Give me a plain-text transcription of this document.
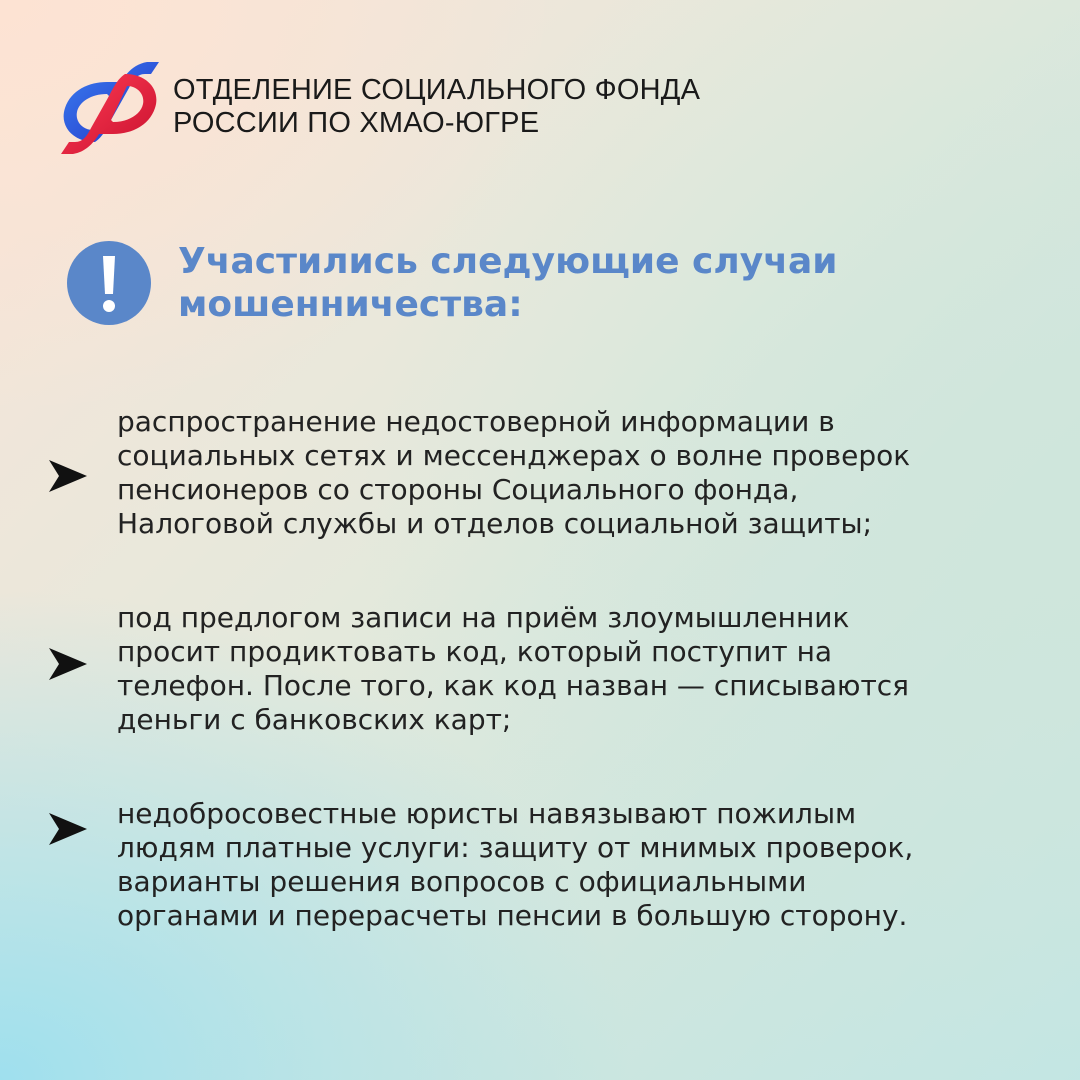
ОТДЕЛЕНИЕ СОЦИАЛЬНОГО ФОНДА
РОССИИ ПО ХМАО-ЮГРЕ
Участились следующие случаи
мошенничества:
распространение недостоверной информации в
социальных сетях и мессенджерах о волне проверок
пенсионеров со стороны Социального фонда,
Налоговой службы и отделов социальной защиты;
под предлогом записи на приём злоумышленник
просит продиктовать код, который поступит на
телефон. После того, как код назван — списываются
деньги с банковских карт;
недобросовестные юристы навязывают пожилым
людям платные услуги: защиту от мнимых проверок,
варианты решения вопросов с официальными
органами и перерасчеты пенсии в большую сторону.
